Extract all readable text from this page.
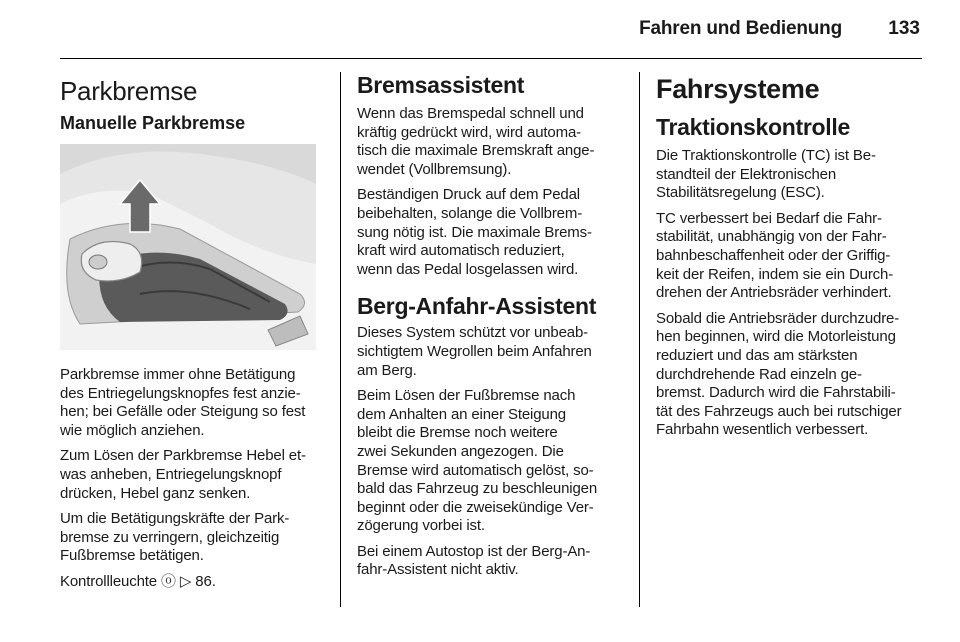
Fahren und Bedienung 133
Parkbremse
Manuelle Parkbremse

Parkbremse immer ohne Betätigung
des Entriegelungsknopfes fest anzie-
hen; bei Gefälle oder Steigung so fest
wie möglich anziehen.

Zum Lösen der Parkbremse Hebel et-
was anheben, Entriegelungsknopf
drücken, Hebel ganz senken.

Um die Betätigungskräfte der Park-
bremse zu verringern, gleichzeitig
Fußbremse betätigen.

Kontrollleuchte ⓞ ▷ 86.

Bremsassistent

Wenn das Bremspedal schnell und
kräftig gedrückt wird, wird automa-
tisch die maximale Bremskraft ange-
wendet (Vollbremsung).

Beständigen Druck auf dem Pedal
beibehalten, solange die Vollbrem-
sung nötig ist. Die maximale Brems-
kraft wird automatisch reduziert,
wenn das Pedal losgelassen wird.

Berg-Anfahr-Assistent

Dieses System schützt vor unbeab-
sichtigtem Wegrollen beim Anfahren
am Berg.

Beim Lösen der Fußbremse nach
dem Anhalten an einer Steigung
bleibt die Bremse noch weitere
zwei Sekunden angezogen. Die
Bremse wird automatisch gelöst, so-
bald das Fahrzeug zu beschleunigen
beginnt oder die zweisekündige Ver-
zögerung vorbei ist.

Bei einem Autostop ist der Berg-An-
fahr-Assistent nicht aktiv.

Fahrsysteme
Traktionskontrolle

Die Traktionskontrolle (TC) ist Be-
standteil der Elektronischen
Stabilitätsregelung (ESC).

TC verbessert bei Bedarf die Fahr-
stabilität, unabhängig von der Fahr-
bahnbeschaffenheit oder der Griffig-
keit der Reifen, indem sie ein Durch-
drehen der Antriebsräder verhindert.

Sobald die Antriebsräder durchzudre-
hen beginnen, wird die Motorleistung
reduziert und das am stärksten
durchdrehende Rad einzeln ge-
bremst. Dadurch wird die Fahrstabili-
tät des Fahrzeugs auch bei rutschiger
Fahrbahn wesentlich verbessert.
